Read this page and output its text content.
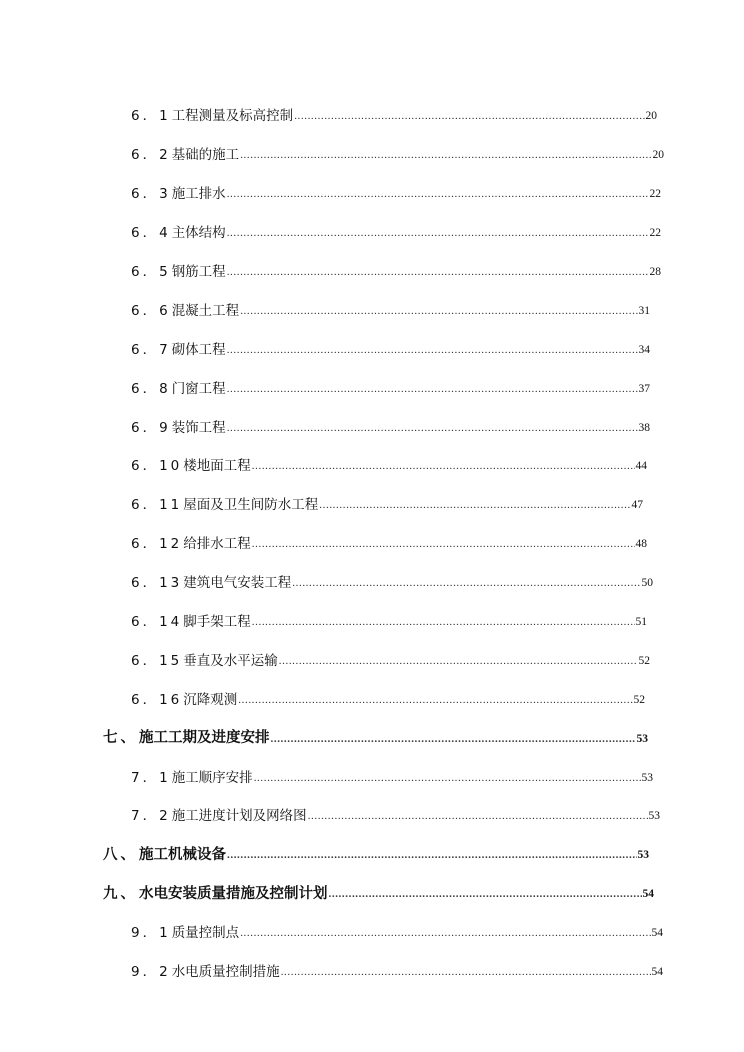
6．1工程测量及标高控制 .....	20
6．2基础的施工 .....	20
6．3施工排水 .....	22
6．4主体结构 .....	22
6．5钢筋工程 .....	28
6．6混凝土工程 .....	31
6．7砌体工程 .....	34
6．8门窗工程 .....	37
6．9装饰工程 .....	38
6．10楼地面工程 .....	44
6．11屋面及卫生间防水工程 .....	47
6．12给排水工程 .....	48
6．13建筑电气安装工程 .....	50
6．14脚手架工程 .....	51
6．15垂直及水平运输 .....	52
6．16沉降观测 .....	52
七、施工工期及进度安排 .....	53
7．1施工顺序安排 .....	53
7．2施工进度计划及网络图 .....	53
八、施工机械设备 .....	53
九、水电安装质量措施及控制计划 .....	54
9．1质量控制点 .....	54
9．2水电质量控制措施 .....	54
